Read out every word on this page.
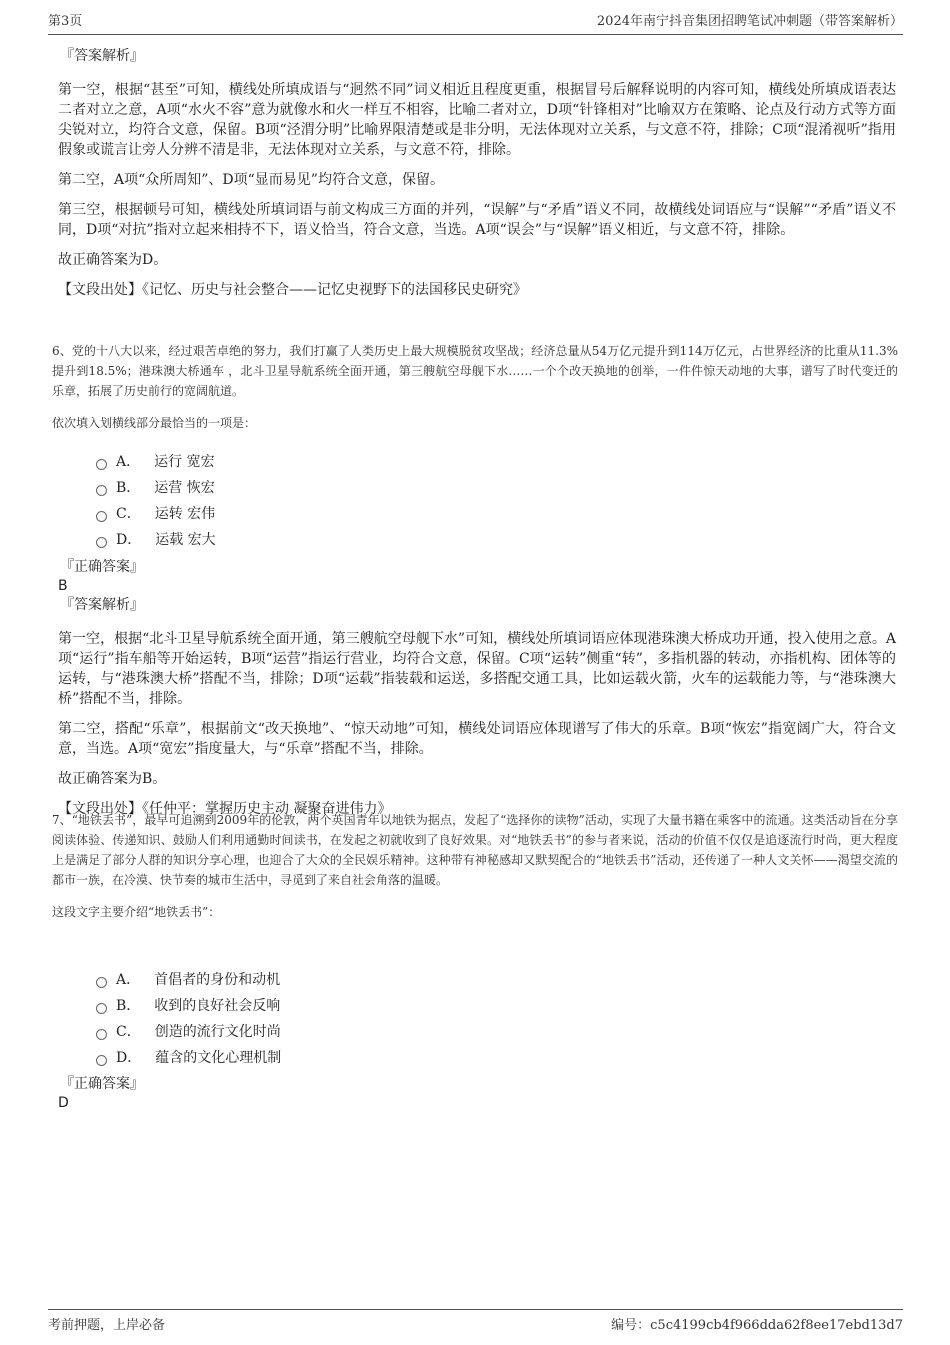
第3页	2024年南宁抖音集团招聘笔试冲刺题（带答案解析）
『答案解析』

第一空，根据“甚至”可知，横线处所填成语与“迥然不同”词义相近且程度更重，根据冒号后解释说明的内容可知，横线处所填成语表达二者对立之意，A项“水火不容”意为就像水和火一样互不相容，比喻二者对立，D项“针锋相对”比喻双方在策略、论点及行动方式等方面尖锐对立，均符合文意，保留。B项“泾渭分明”比喻界限清楚或是非分明，无法体现对立关系，与文意不符，排除；C项“混淆视听”指用假象或谎言让旁人分辨不清是非，无法体现对立关系，与文意不符，排除。

第二空，A项“众所周知”、D项“显而易见”均符合文意，保留。

第三空，根据顿号可知，横线处所填词语与前文构成三方面的并列，“误解”与“矛盾”语义不同，故横线处词语应与“误解”“矛盾”语义不同，D项“对抗”指对立起来相持不下，语义恰当，符合文意，当选。A项“误会”与“误解”语义相近，与文意不符，排除。

故正确答案为D。

【文段出处】《记忆、历史与社会整合——记忆史视野下的法国移民史研究》

6、党的十八大以来，经过艰苦卓绝的努力，我们打赢了人类历史上最大规模脱贫攻坚战；经济总量从54万亿元提升到114万亿元，占世界经济的比重从11.3%提升到18.5%；港珠澳大桥通车 ，北斗卫星导航系统全面开通，第三艘航空母舰下水……一个个改天换地的创举，一件件惊天动地的大事，谱写了时代变迁的 乐章，拓展了历史前行的宽阔航道。

依次填入划横线部分最恰当的一项是：

A． 运行 宽宏
B． 运营 恢宏
C． 运转 宏伟
D． 运载 宏大
『正确答案』
B
『答案解析』

第一空，根据“北斗卫星导航系统全面开通，第三艘航空母舰下水”可知，横线处所填词语应体现港珠澳大桥成功开通，投入使用之意。A项“运行”指车船等开始运转，B项“运营”指运行营业，均符合文意，保留。C项“运转”侧重“转”，多指机器的转动，亦指机构、团体等的运转，与“港珠澳大桥”搭配不当，排除；D项“运载”指装载和运送，多搭配交通工具，比如运载火箭，火车的运载能力等，与“港珠澳大桥”搭配不当，排除。

第二空，搭配“乐章”，根据前文“改天换地”、“惊天动地”可知，横线处词语应体现谱写了伟大的乐章。B项“恢宏”指宽阔广大，符合文意，当选。A项“宽宏”指度量大，与“乐章”搭配不当，排除。

故正确答案为B。

【文段出处】《任仲平：掌握历史主动 凝聚奋进伟力》

7、“地铁丢书”，最早可追溯到2009年的伦敦，两个英国青年以地铁为据点，发起了“选择你的读物”活动，实现了大量书籍在乘客中的流通。这类活动旨在分享阅读体验、传递知识、鼓励人们利用通勤时间读书，在发起之初就收到了良好效果。对“地铁丢书”的参与者来说，活动的价值不仅仅是追逐流行时尚，更大程度上是满足了部分人群的知识分享心理，也迎合了大众的全民娱乐精神。这种带有神秘感却又默契配合的“地铁丢书”活动，还传递了一种人文关怀——渴望交流的都市一族，在冷漠、快节奏的城市生活中，寻觅到了来自社会角落的温暖。

这段文字主要介绍“地铁丢书”：

A． 首倡者的身份和动机
B． 收到的良好社会反响
C． 创造的流行文化时尚
D． 蕴含的文化心理机制
『正确答案』
D
考前押题，上岸必备	编号：c5c4199cb4f966dda62f8ee17ebd13d7
